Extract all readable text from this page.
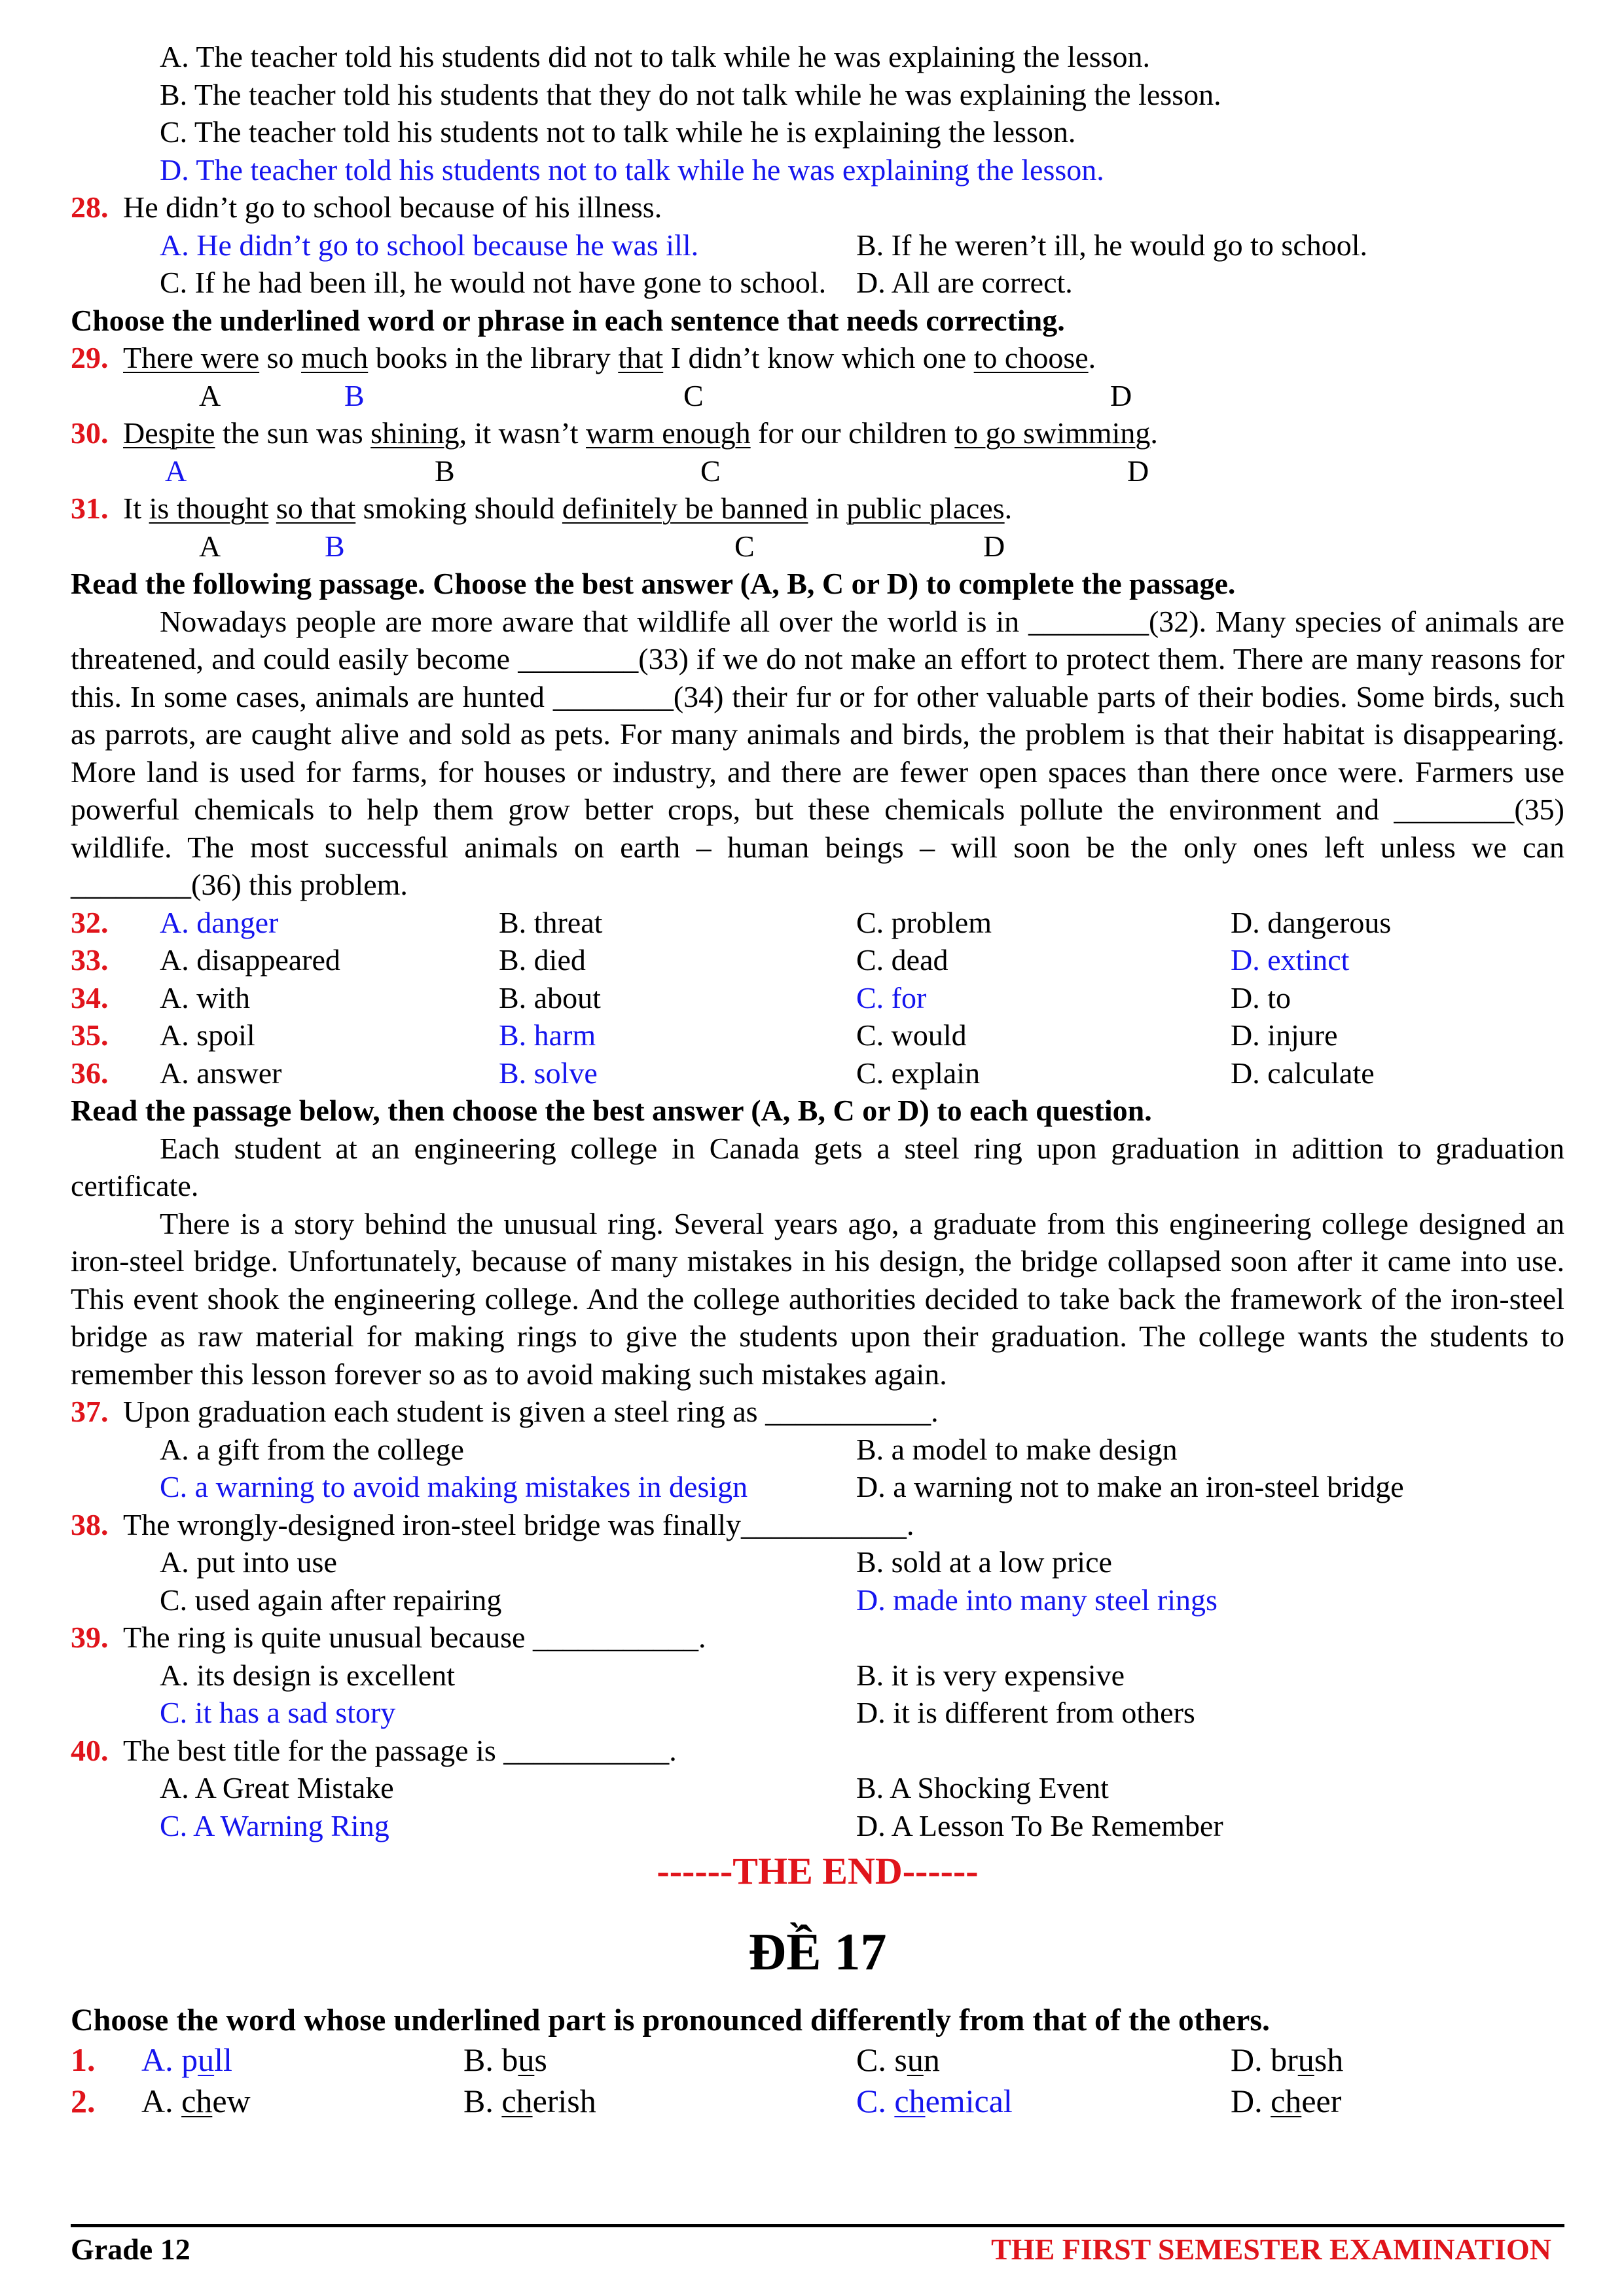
A. The teacher told his students did not to talk while he was explaining the lesson.
B. The teacher told his students that they do not talk while he was explaining the lesson.
C. The teacher told his students not to talk while he is explaining the lesson.
D. The teacher told his students not to talk while he was explaining the lesson.
28. He didn’t go to school because of his illness.
A. He didn’t go to school because he was ill.	B. If he weren’t ill, he would go to school.
C. If he had been ill, he would not have gone to school. D. All are correct.
Choose the underlined word or phrase in each sentence that needs correcting.
29. There were so much books in the library that I didn’t know which one to choose.
A	B	C	D
30. Despite the sun was shining, it wasn’t warm enough for our children to go swimming.
A	B	C	D
31. It is thought so that smoking should definitely be banned in public places.
A	B	C	D
Read the following passage. Choose the best answer (A, B, C or D) to complete the passage.

Nowadays people are more aware that wildlife all over the world is in ________(32). Many species of animals are threatened, and could easily become ________(33) if we do not make an effort to protect them. There are many reasons for this. In some cases, animals are hunted ________(34) their fur or for other valuable parts of their bodies. Some birds, such as parrots, are caught alive and sold as pets. For many animals and birds, the problem is that their habitat is disappearing. More land is used for farms, for houses or industry, and there are fewer open spaces than there once were. Farmers use powerful chemicals to help them grow better crops, but these chemicals pollute the environment and ________(35) wildlife. The most successful animals on earth – human beings – will soon be the only ones left unless we can ________(36) this problem.

32. A. danger	B. threat	C. problem	D. dangerous
33. A. disappeared	B. died	C. dead	D. extinct
34. A. with	B. about	C. for	D. to
35. A. spoil	B. harm	C. would	D. injure
36. A. answer	B. solve	C. explain	D. calculate
Read the passage below, then choose the best answer (A, B, C or D) to each question.

Each student at an engineering college in Canada gets a steel ring upon graduation in adittion to graduation certificate.

There is a story behind the unusual ring. Several years ago, a graduate from this engineering college designed an iron-steel bridge. Unfortunately, because of many mistakes in his design, the bridge collapsed soon after it came into use. This event shook the engineering college. And the college authorities decided to take back the framework of the iron-steel bridge as raw material for making rings to give the students upon their graduation. The college wants the students to remember this lesson forever so as to avoid making such mistakes again.

37. Upon graduation each student is given a steel ring as ___________.
A. a gift from the college	B. a model to make design
C. a warning to avoid making mistakes in design	D. a warning not to make an iron-steel bridge
38. The wrongly-designed iron-steel bridge was finally___________.
A. put into use	B. sold at a low price
C. used again after repairing	D. made into many steel rings
39. The ring is quite unusual because ___________.
A. its design is excellent	B. it is very expensive
C. it has a sad story	D. it is different from others
40. The best title for the passage is ___________.
A. A Great Mistake	B. A Shocking Event
C. A Warning Ring	D. A Lesson To Be Remember
------THE END------
ĐỀ 17
Choose the word whose underlined part is pronounced differently from that of the others.
1. A. pull	B. bus	C. sun	D. brush
2. A. chew	B. cherish	C. chemical	D. cheer
Grade 12	THE FIRST SEMESTER EXAMINATION
